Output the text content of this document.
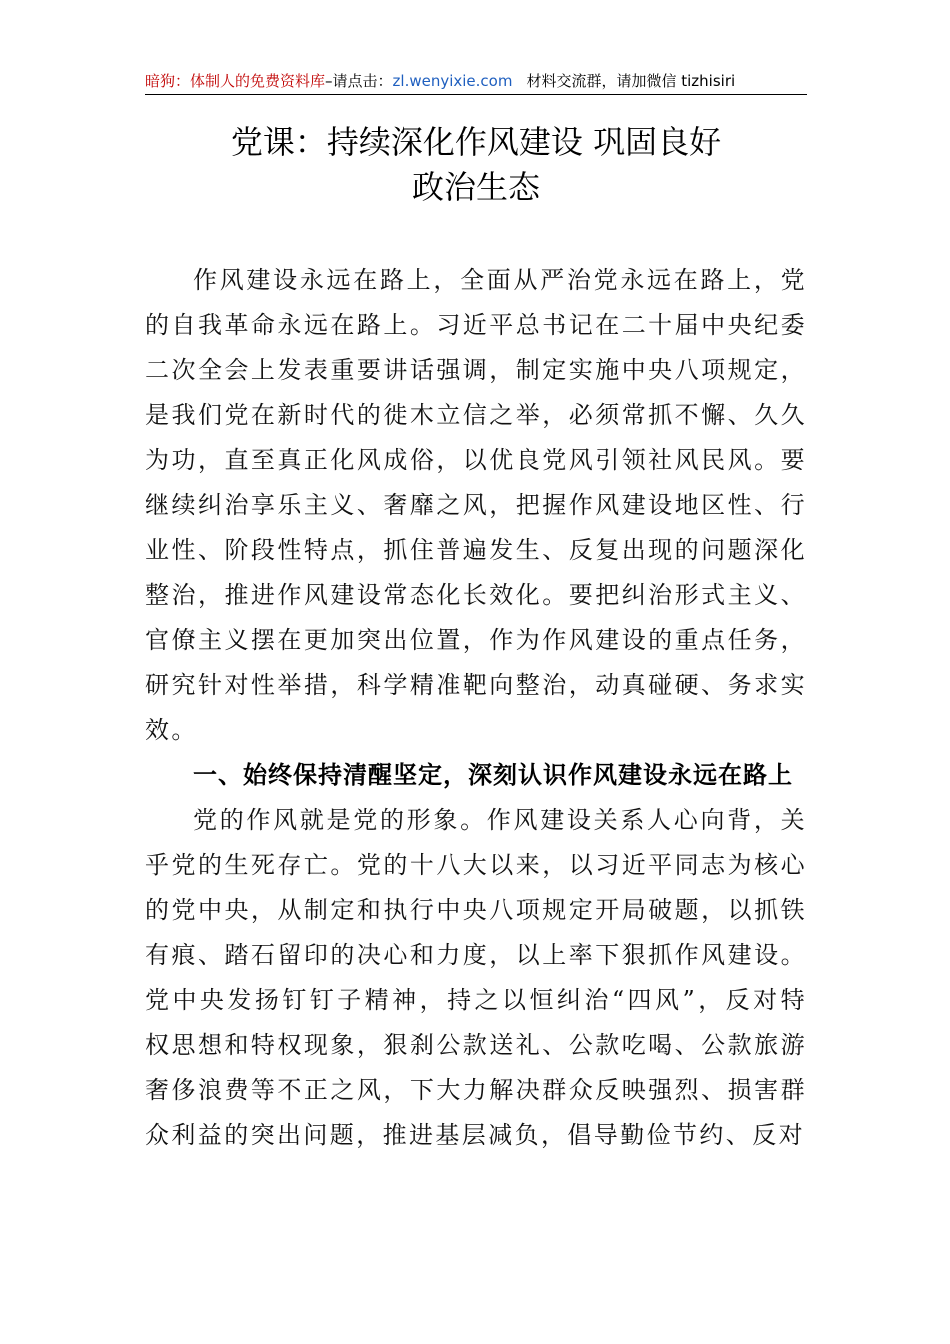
暗狗：体制人的免费资料库–请点击：zl.wenyixie.com 材料交流群，请加微信 tizhisiri
党课：持续深化作风建设 巩固良好
政治生态

作风建设永远在路上，全面从严治党永远在路上，党的自我革命永远在路上。习近平总书记在二十届中央纪委二次全会上发表重要讲话强调，制定实施中央八项规定，是我们党在新时代的徙木立信之举，必须常抓不懈、久久为功，直至真正化风成俗，以优良党风引领社风民风。要继续纠治享乐主义、奢靡之风，把握作风建设地区性、行业性、阶段性特点，抓住普遍发生、反复出现的问题深化整治，推进作风建设常态化长效化。要把纠治形式主义、官僚主义摆在更加突出位置，作为作风建设的重点任务，研究针对性举措，科学精准靶向整治，动真碰硬、务求实效。

一、始终保持清醒坚定，深刻认识作风建设永远在路上

党的作风就是党的形象。作风建设关系人心向背，关乎党的生死存亡。党的十八大以来，以习近平同志为核心的党中央，从制定和执行中央八项规定开局破题，以抓铁有痕、踏石留印的决心和力度，以上率下狠抓作风建设。党中央发扬钉钉子精神，持之以恒纠治“四风”，反对特权思想和特权现象，狠刹公款送礼、公款吃喝、公款旅游奢侈浪费等不正之风，下大力解决群众反映强烈、损害群众利益的突出问题，推进基层减负，倡导勤俭节约、反对
